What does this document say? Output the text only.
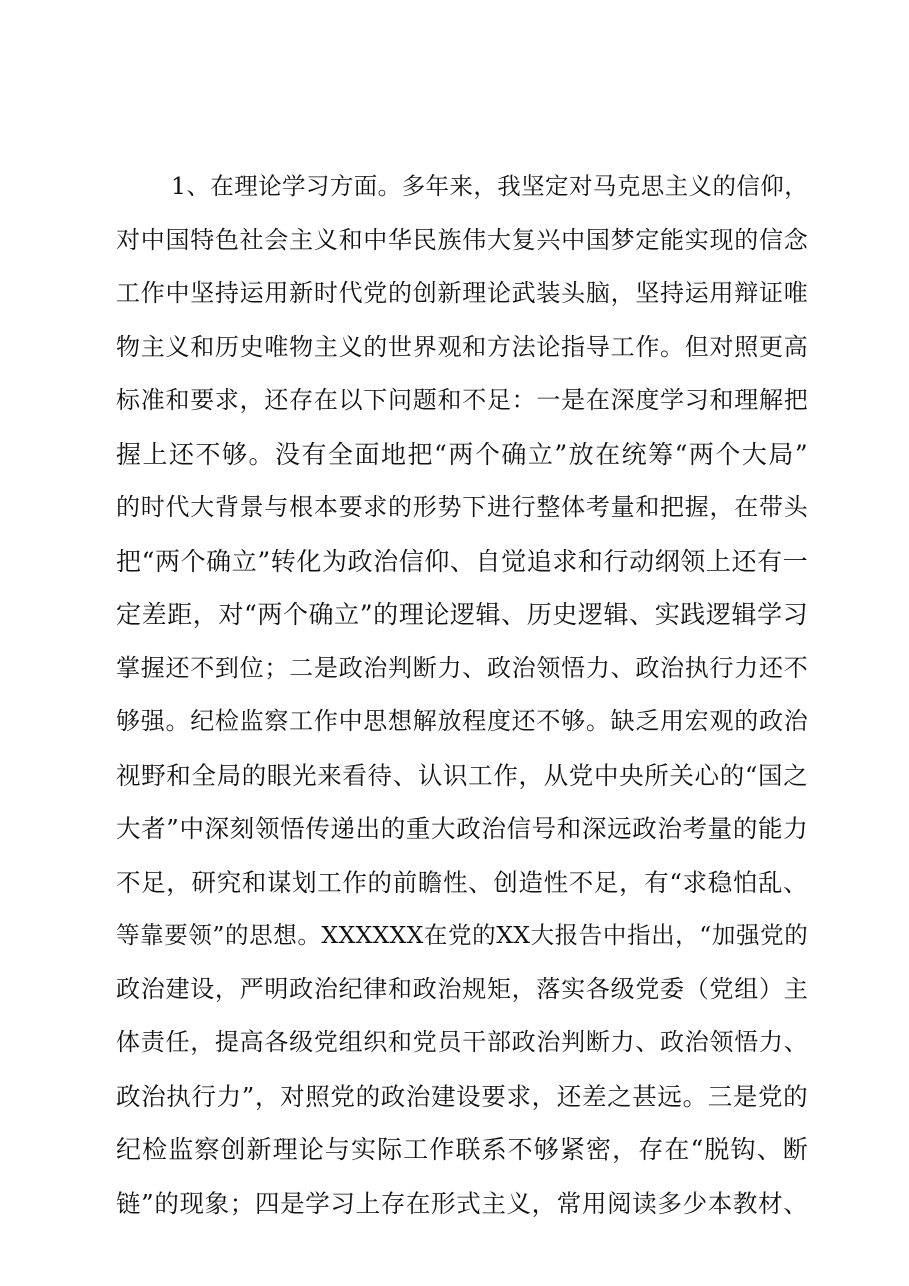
1、在理论学习方面。多年来，我坚定对马克思主义的信仰，
对中国特色社会主义和中华民族伟大复兴中国梦定能实现的信念
工作中坚持运用新时代党的创新理论武装头脑，坚持运用辩证唯
物主义和历史唯物主义的世界观和方法论指导工作。但对照更高
标准和要求，还存在以下问题和不足：一是在深度学习和理解把
握上还不够。没有全面地把“两个确立”放在统筹“两个大局”
的时代大背景与根本要求的形势下进行整体考量和把握，在带头
把“两个确立”转化为政治信仰、自觉追求和行动纲领上还有一
定差距，对“两个确立”的理论逻辑、历史逻辑、实践逻辑学习
掌握还不到位；二是政治判断力、政治领悟力、政治执行力还不
够强。纪检监察工作中思想解放程度还不够。缺乏用宏观的政治
视野和全局的眼光来看待、认识工作，从党中央所关心的“国之
大者”中深刻领悟传递出的重大政治信号和深远政治考量的能力
不足，研究和谋划工作的前瞻性、创造性不足，有“求稳怕乱、
等靠要领”的思想。XXXXXX在党的XX大报告中指出，“加强党的
政治建设，严明政治纪律和政治规矩，落实各级党委（党组）主
体责任，提高各级党组织和党员干部政治判断力、政治领悟力、
政治执行力”，对照党的政治建设要求，还差之甚远。三是党的
纪检监察创新理论与实际工作联系不够紧密，存在“脱钩、断
链”的现象；四是学习上存在形式主义，常用阅读多少本教材、
